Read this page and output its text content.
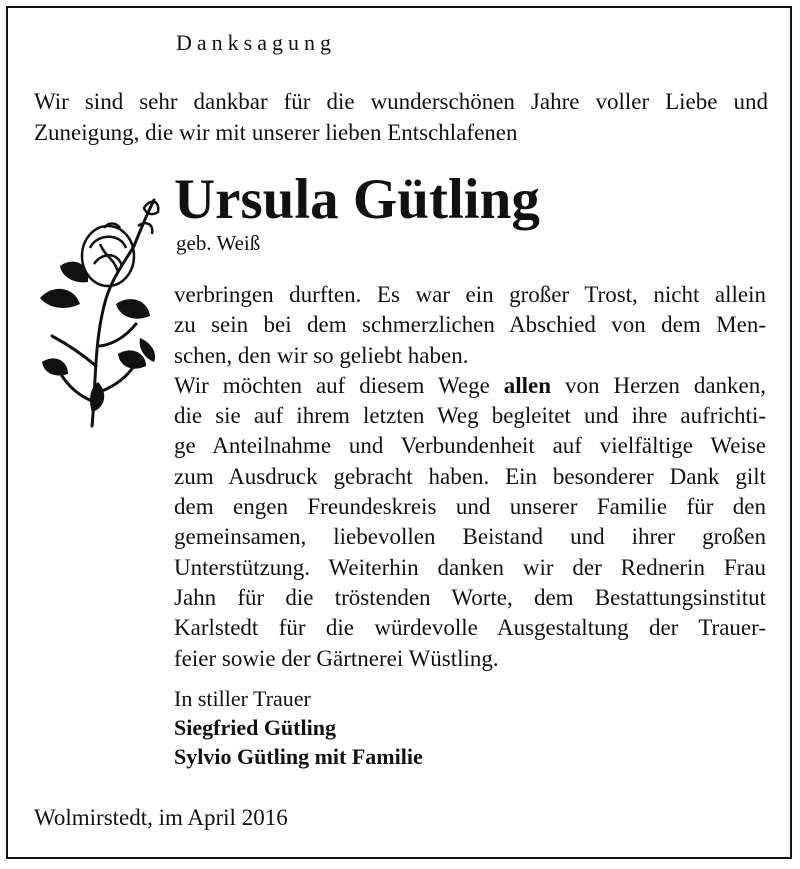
Danksagung
Wir sind sehr dankbar für die wunderschönen Jahre voller Liebe und
Zuneigung, die wir mit unserer lieben Entschlafenen
Ursula Gütling
geb. Weiß
verbringen durften. Es war ein großer Trost, nicht allein
zu sein bei dem schmerzlichen Abschied von dem Men-
schen, den wir so geliebt haben.
Wir möchten auf diesem Wege allen von Herzen danken,
die sie auf ihrem letzten Weg begleitet und ihre aufrichti-
ge Anteilnahme und Verbundenheit auf vielfältige Weise
zum Ausdruck gebracht haben. Ein besonderer Dank gilt
dem engen Freundeskreis und unserer Familie für den
gemeinsamen, liebevollen Beistand und ihrer großen
Unterstützung. Weiterhin danken wir der Rednerin Frau
Jahn für die tröstenden Worte, dem Bestattungsinstitut
Karlstedt für die würdevolle Ausgestaltung der Trauer-
feier sowie der Gärtnerei Wüstling.
In stiller Trauer
Siegfried Gütling
Sylvio Gütling mit Familie
Wolmirstedt, im April 2016
